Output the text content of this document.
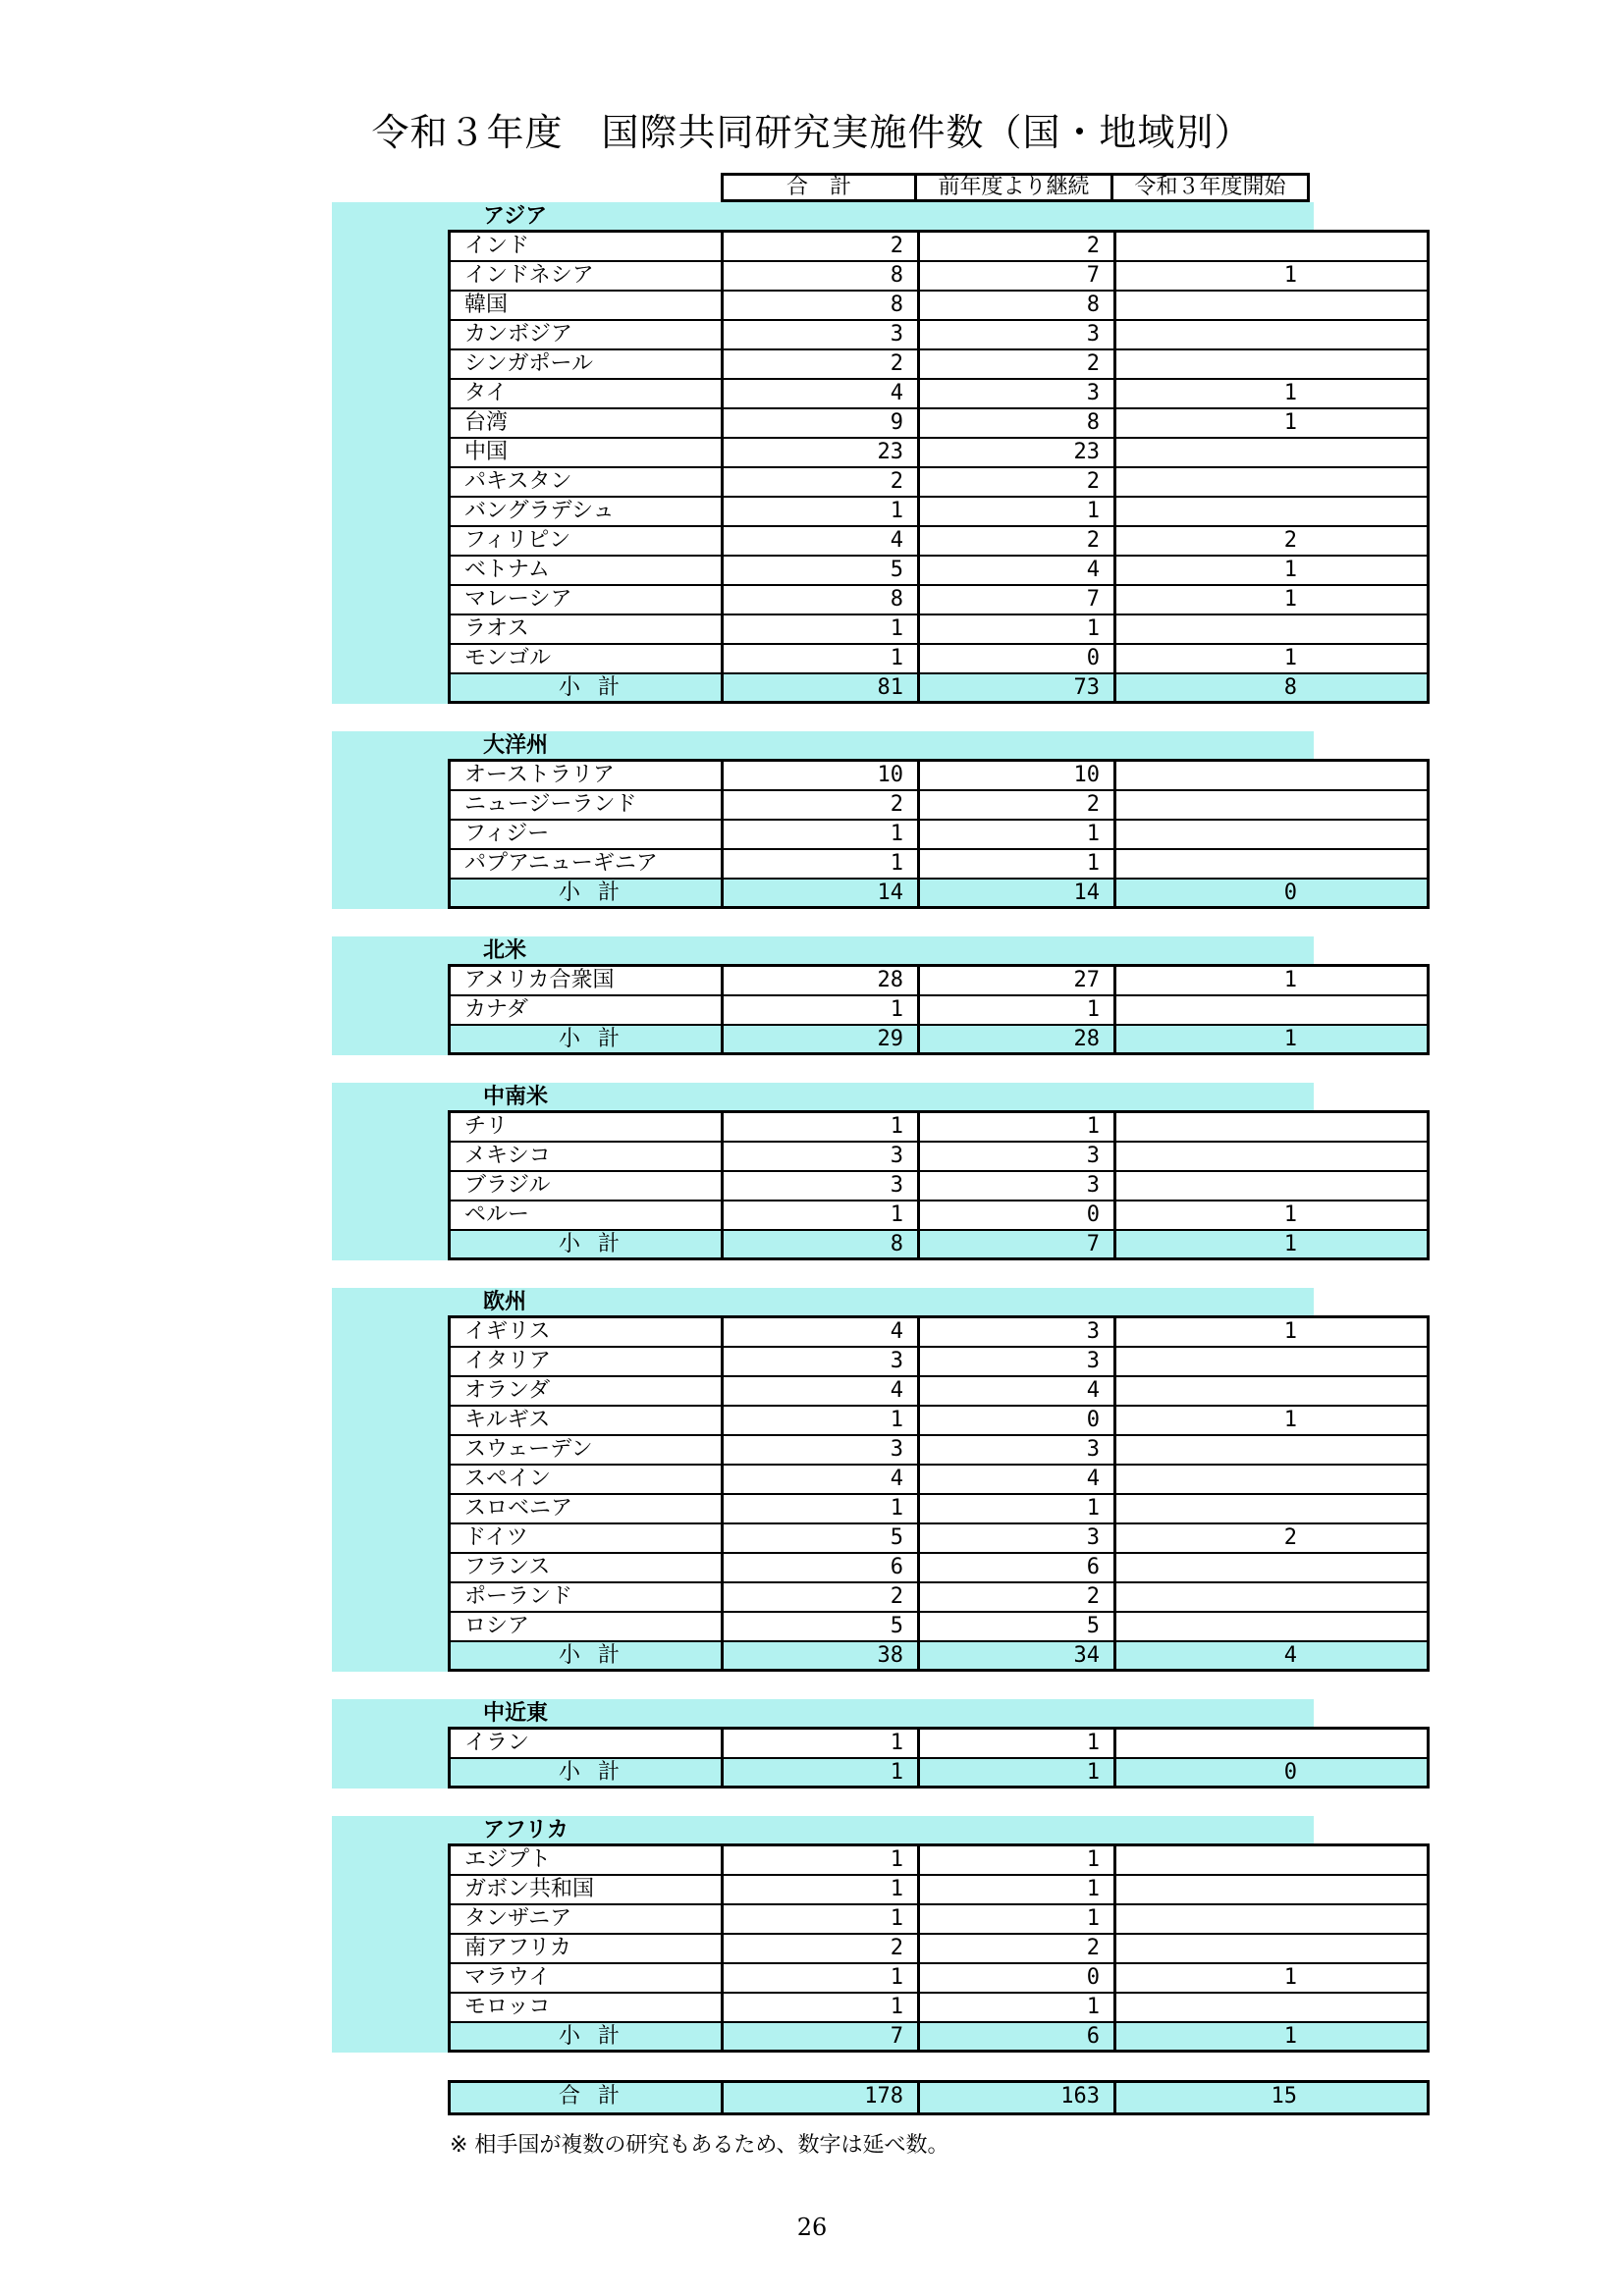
令和３年度　国際共同研究実施件数（国・地域別）
合　計	前年度より継続	令和３年度開始
アジア
インド	2	2
インドネシア	8	7	1
韓国	8	8
カンボジア	3	3
シンガポール	2	2
タイ	4	3	1
台湾	9	8	1
中国	23	23
パキスタン	2	2
バングラデシュ	1	1
フィリピン	4	2	2
ベトナム	5	4	1
マレーシア	8	7	1
ラオス	1	1
モンゴル	1	0	1
小計	81	73	8
大洋州
オーストラリア	10	10
ニュージーランド	2	2
フィジー	1	1
パプアニューギニア	1	1
小計	14	14	0
北米
アメリカ合衆国	28	27	1
カナダ	1	1
小計	29	28	1
中南米
チリ	1	1
メキシコ	3	3
ブラジル	3	3
ペルー	1	0	1
小計	8	7	1
欧州
イギリス	4	3	1
イタリア	3	3
オランダ	4	4
キルギス	1	0	1
スウェーデン	3	3
スペイン	4	4
スロベニア	1	1
ドイツ	5	3	2
フランス	6	6
ポーランド	2	2
ロシア	5	5
小計	38	34	4
中近東
イラン	1	1
小計	1	1	0
アフリカ
エジプト	1	1
ガボン共和国	1	1
タンザニア	1	1
南アフリカ	2	2
マラウイ	1	0	1
モロッコ	1	1
小計	7	6	1
合計	178	163	15
※ 相手国が複数の研究もあるため、数字は延べ数。
26
